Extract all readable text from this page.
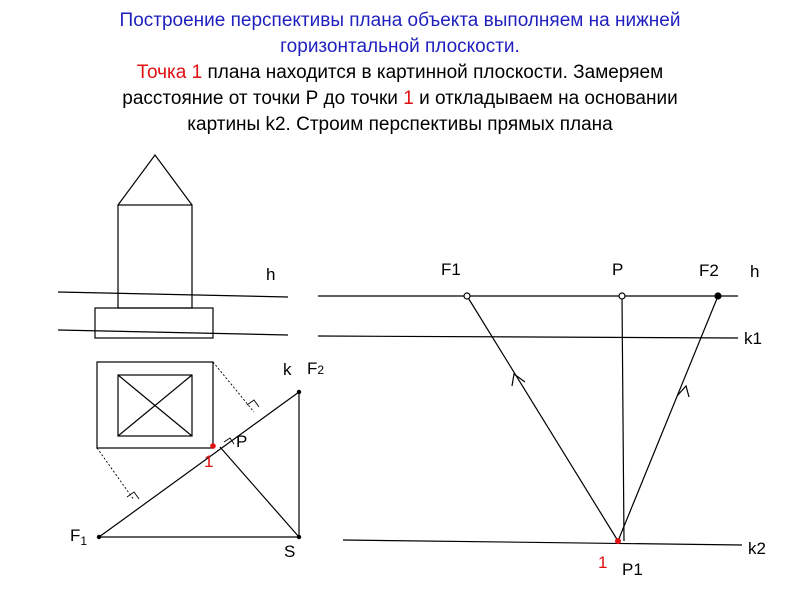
Построение перспективы плана объекта выполняем на нижней
горизонтальной плоскости.
Точка 1 плана находится в картинной плоскости. Замеряем
расстояние от точки Р до точки 1 и откладываем на основании
картины k2. Строим перспективы прямых плана
h
k F2
P
1
$F_1$
S
F1	P	F2 h
k1
k2
1 P1
